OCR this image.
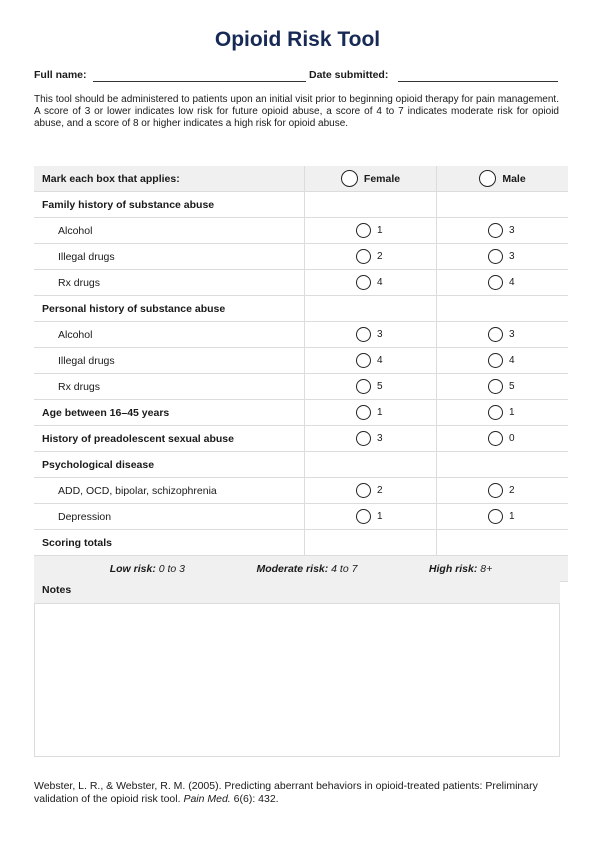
Opioid Risk Tool
Full name:	Date submitted:

This tool should be administered to patients upon an initial visit prior to beginning opioid therapy for pain management. A score of 3 or lower indicates low risk for future opioid abuse, a score of 4 to 7 indicates moderate risk for opioid abuse, and a score of 8 or higher indicates a high risk for opioid abuse.

Mark each box that applies:	Female	Male

Family history of substance abuse		
Alcohol	1	3

Illegal drugs	2	3

Rx drugs	4	4

Personal history of substance abuse		
Alcohol	3	3

Illegal drugs	4	4

Rx drugs	5	5

Age between 16–45 years	1	1

History of preadolescent sexual abuse	3	0

Psychological disease		
ADD, OCD, bipolar, schizophrenia	2	2

Depression	1	1

Scoring totals		

Low risk: 0 to 3 Moderate risk: 4 to 7 High risk: 8+		
Notes

Webster, L. R., & Webster, R. M. (2005). Predicting aberrant behaviors in opioid-treated patients: Preliminary validation of the opioid risk tool. Pain Med. 6(6): 432.
